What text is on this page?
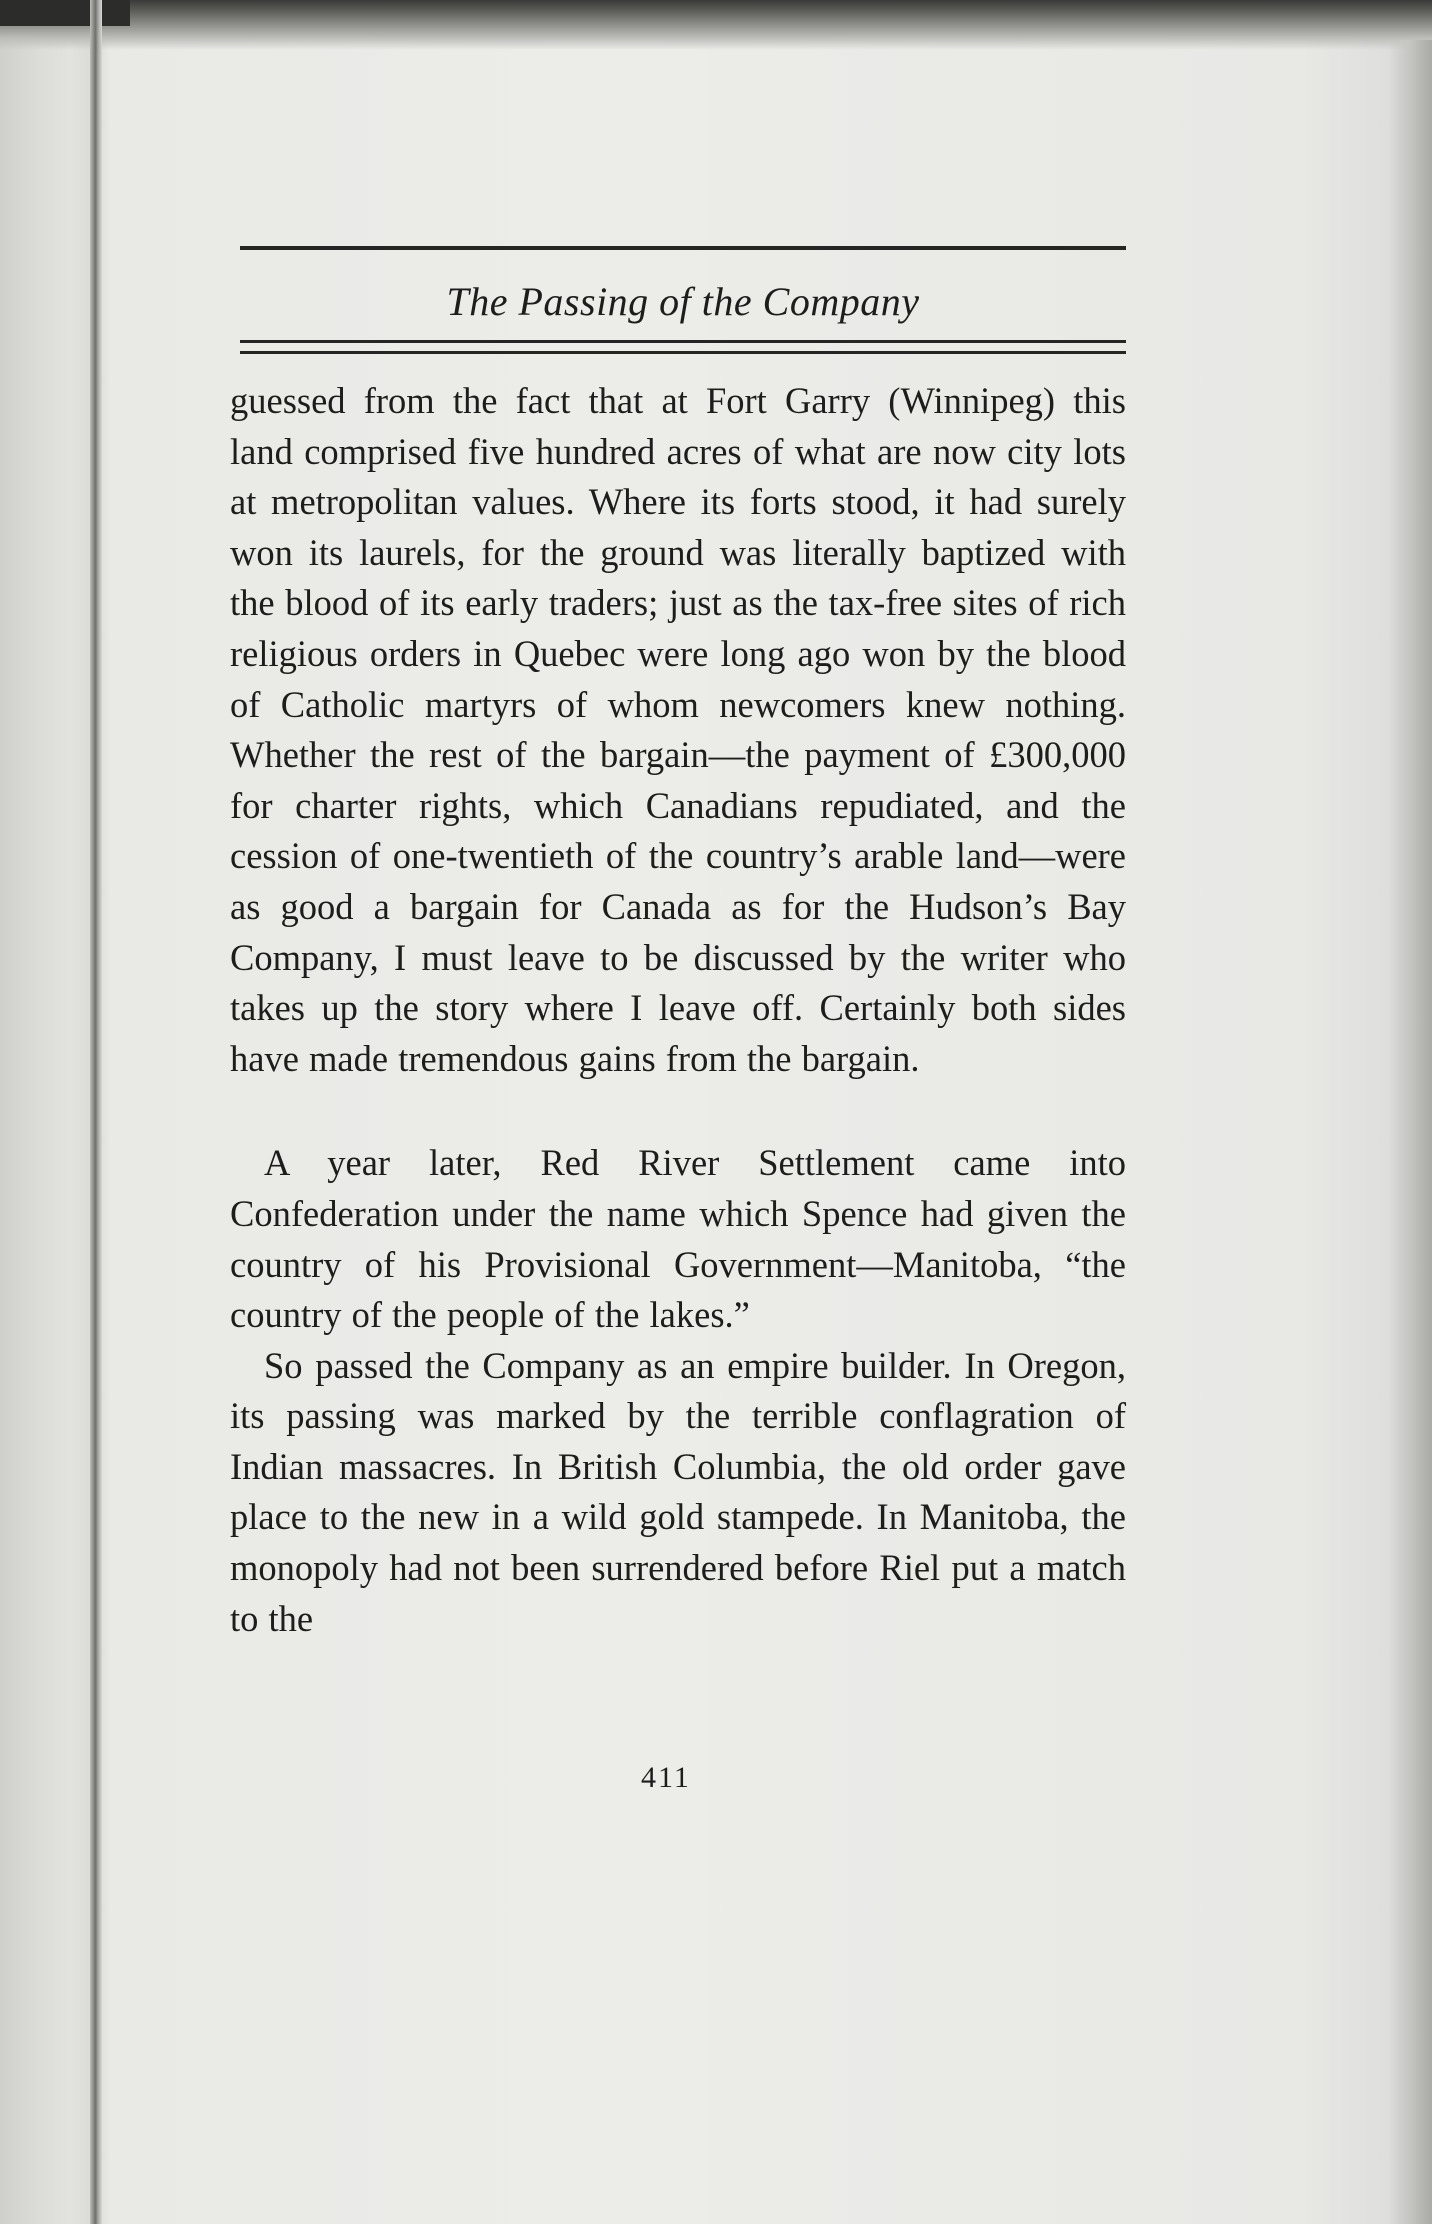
The Passing of the Company

guessed from the fact that at Fort Garry (Winnipeg) this land comprised five hundred acres of what are now city lots at metropolitan values. Where its forts stood, it had surely won its laurels, for the ground was literally baptized with the blood of its early traders; just as the tax-free sites of rich religious orders in Quebec were long ago won by the blood of Catholic martyrs of whom newcomers knew nothing. Whether the rest of the bargain—the payment of £300,000 for charter rights, which Canadians repudiated, and the cession of one-twentieth of the country’s arable land—were as good a bargain for Canada as for the Hudson’s Bay Company, I must leave to be discussed by the writer who takes up the story where I leave off. Certainly both sides have made tremendous gains from the bargain.

A year later, Red River Settlement came into Confederation under the name which Spence had given the country of his Provisional Government—Manitoba, “the country of the people of the lakes.”

So passed the Company as an empire builder. In Oregon, its passing was marked by the terrible conflagration of Indian massacres. In British Columbia, the old order gave place to the new in a wild gold stampede. In Manitoba, the monopoly had not been surrendered before Riel put a match to the

411
